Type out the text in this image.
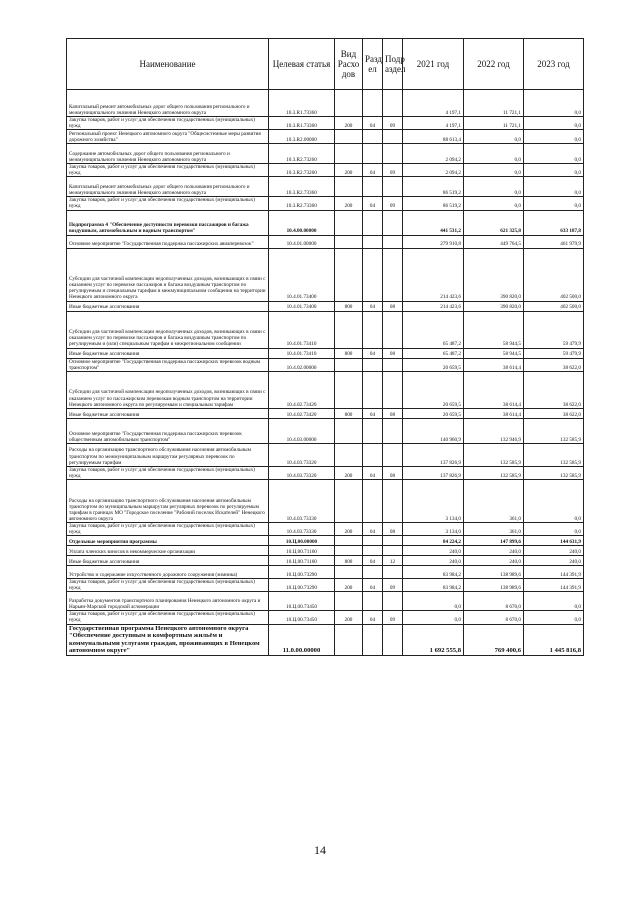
Наименование	Целевая статья	Вид Расхо дов	Разд ел	Подр аздел	2021 год	2022 год	2023 год
Капитальный ремонт автомобильных дорог общего пользования регионального и межмуниципального значения Ненецкого автономного округа	10.3.R1.73360				4 197,1	11 721,1	0,0
Закупка товаров, работ и услуг для обеспечения государственных (муниципальных) нужд	10.3.R1.73360	200	04	09	4 197,1	11 721,1	0,0
Региональный проект Ненецкого автономного округа "Общесистемные меры развития дорожного хозяйства"	10.3.R2.00000				88 613,4	0,0	0,0
Содержание автомобильных дорог общего пользования регионального и межмуниципального значения Ненецкого автономного округа	10.3.R2.73260				2 094,2	0,0	0,0
Закупка товаров, работ и услуг для обеспечения государственных (муниципальных) нужд	10.3.R2.73260	200	04	09	2 094,2	0,0	0,0
Капитальный ремонт автомобильных дорог общего пользования регионального и межмуниципального значения Ненецкого автономного округа	10.3.R2.73360				86 519,2	0,0	0,0
Закупка товаров, работ и услуг для обеспечения государственных (муниципальных) нужд	10.3.R2.73360	200	04	09	86 519,2	0,0	0,0
Подпрограмма 4 "Обеспечение доступности перевозки пассажиров и багажа воздушным, автомобильным и водным транспортом"	10.4.00.00000				441 531,2	621 325,8	633 187,8
Основное мероприятие "Государственная поддержка пассажирских авиаперевозок"	10.4.01.00000				279 910,8	449 764,5	461 979,9
Субсидии для частичной компенсации недополученных доходов, возникающих в связи с оказанием услуг по перевозке пассажиров и багажа воздушным транспортом по регулируемым и специальным тарифам в межмуниципальном сообщении на территории Ненецкого автономного округа	10.4.01.73400				214 423,6	390 820,0	402 500,0
Иные бюджетные ассигнования	10.4.01.73400	800	04	08	214 423,6	390 820,0	402 500,0
Субсидии для частичной компенсации недополученных доходов, возникающих в связи с оказанием услуг по перевозке пассажиров и багажа воздушным транспортом по регулируемым и (или) специальным тарифам в межрегиональном сообщении	10.4.01.73410				65 487,2	58 944,5	59 479,9
Иные бюджетные ассигнования	10.4.01.73410	800	04	08	65 487,2	58 944,5	59 479,9
Основное мероприятие "Государственная поддержка пассажирских перевозок водным транспортом"	10.4.02.00000				20 659,5	38 614,4	38 622,0
Субсидии для частичной компенсации недополученных доходов, возникающих в связи с оказанием услуг по пассажирским перевозкам водным транспортом на территории Ненецкого автономного округа по регулируемым и специальным тарифам	10.4.02.73420				20 659,5	38 614,4	38 622,0
Иные бюджетные ассигнования	10.4.02.73420	800	04	08	20 659,5	38 614,4	38 622,0
Основное мероприятие "Государственная поддержка пассажирских перевозок общественным автомобильным транспортом"	10.4.03.00000				140 960,9	132 946,9	132 585,9
Расходы на организацию транспортного обслуживания населения автомобильным транспортом по межмуниципальным маршрутам регулярных перевозок по регулируемым тарифам	10.4.03.73320				137 826,9	132 585,9	132 585,9
Закупка товаров, работ и услуг для обеспечения государственных (муниципальных) нужд	10.4.03.73320	200	04	08	137 826,9	132 585,9	132 585,9
Расходы на организацию транспортного обслуживания населения автомобильным транспортом по муниципальным маршрутам регулярных перевозок по регулируемым тарифам в границах МО "Городское поселение "Рабочий поселок Искателей" Ненецкого автономного округа	10.4.03.73330				3 134,0	361,0	0,0
Закупка товаров, работ и услуг для обеспечения государственных (муниципальных) нужд	10.4.03.73330	200	04	08	3 134,0	361,0	0,0
Отдельные мероприятия программы	10.Ц.00.00000				84 224,2	147 899,6	144 631,9
Уплата членских взносов в некоммерческие организации	10.Ц.00.71160				240,0	240,0	240,0
Иные бюджетные ассигнования	10.Ц.00.71160	800	04	12	240,0	240,0	240,0
Устройство и содержание искусственного дорожного сооружения (зимника)	10.Ц.00.73290				83 984,2	138 989,6	144 391,9
Закупка товаров, работ и услуг для обеспечения государственных (муниципальных) нужд	10.Ц.00.73290	200	04	09	83 984,2	138 989,6	144 391,9
Разработка документов транспортного планирования Ненецкого автономного округа и Нарьян-Марской городской агломерации	10.Ц.00.73450				0,0	8 670,0	0,0
Закупка товаров, работ и услуг для обеспечения государственных (муниципальных) нужд	10.Ц.00.73450	200	04	09	0,0	8 670,0	0,0
Государственная программа Ненецкого автономного округа "Обеспечение доступным и комфортным жильём и коммунальными услугами граждан, проживающих в Ненецком автономном округе"	11.0.00.00000				1 692 555,8	769 400,6	1 445 816,8
14
